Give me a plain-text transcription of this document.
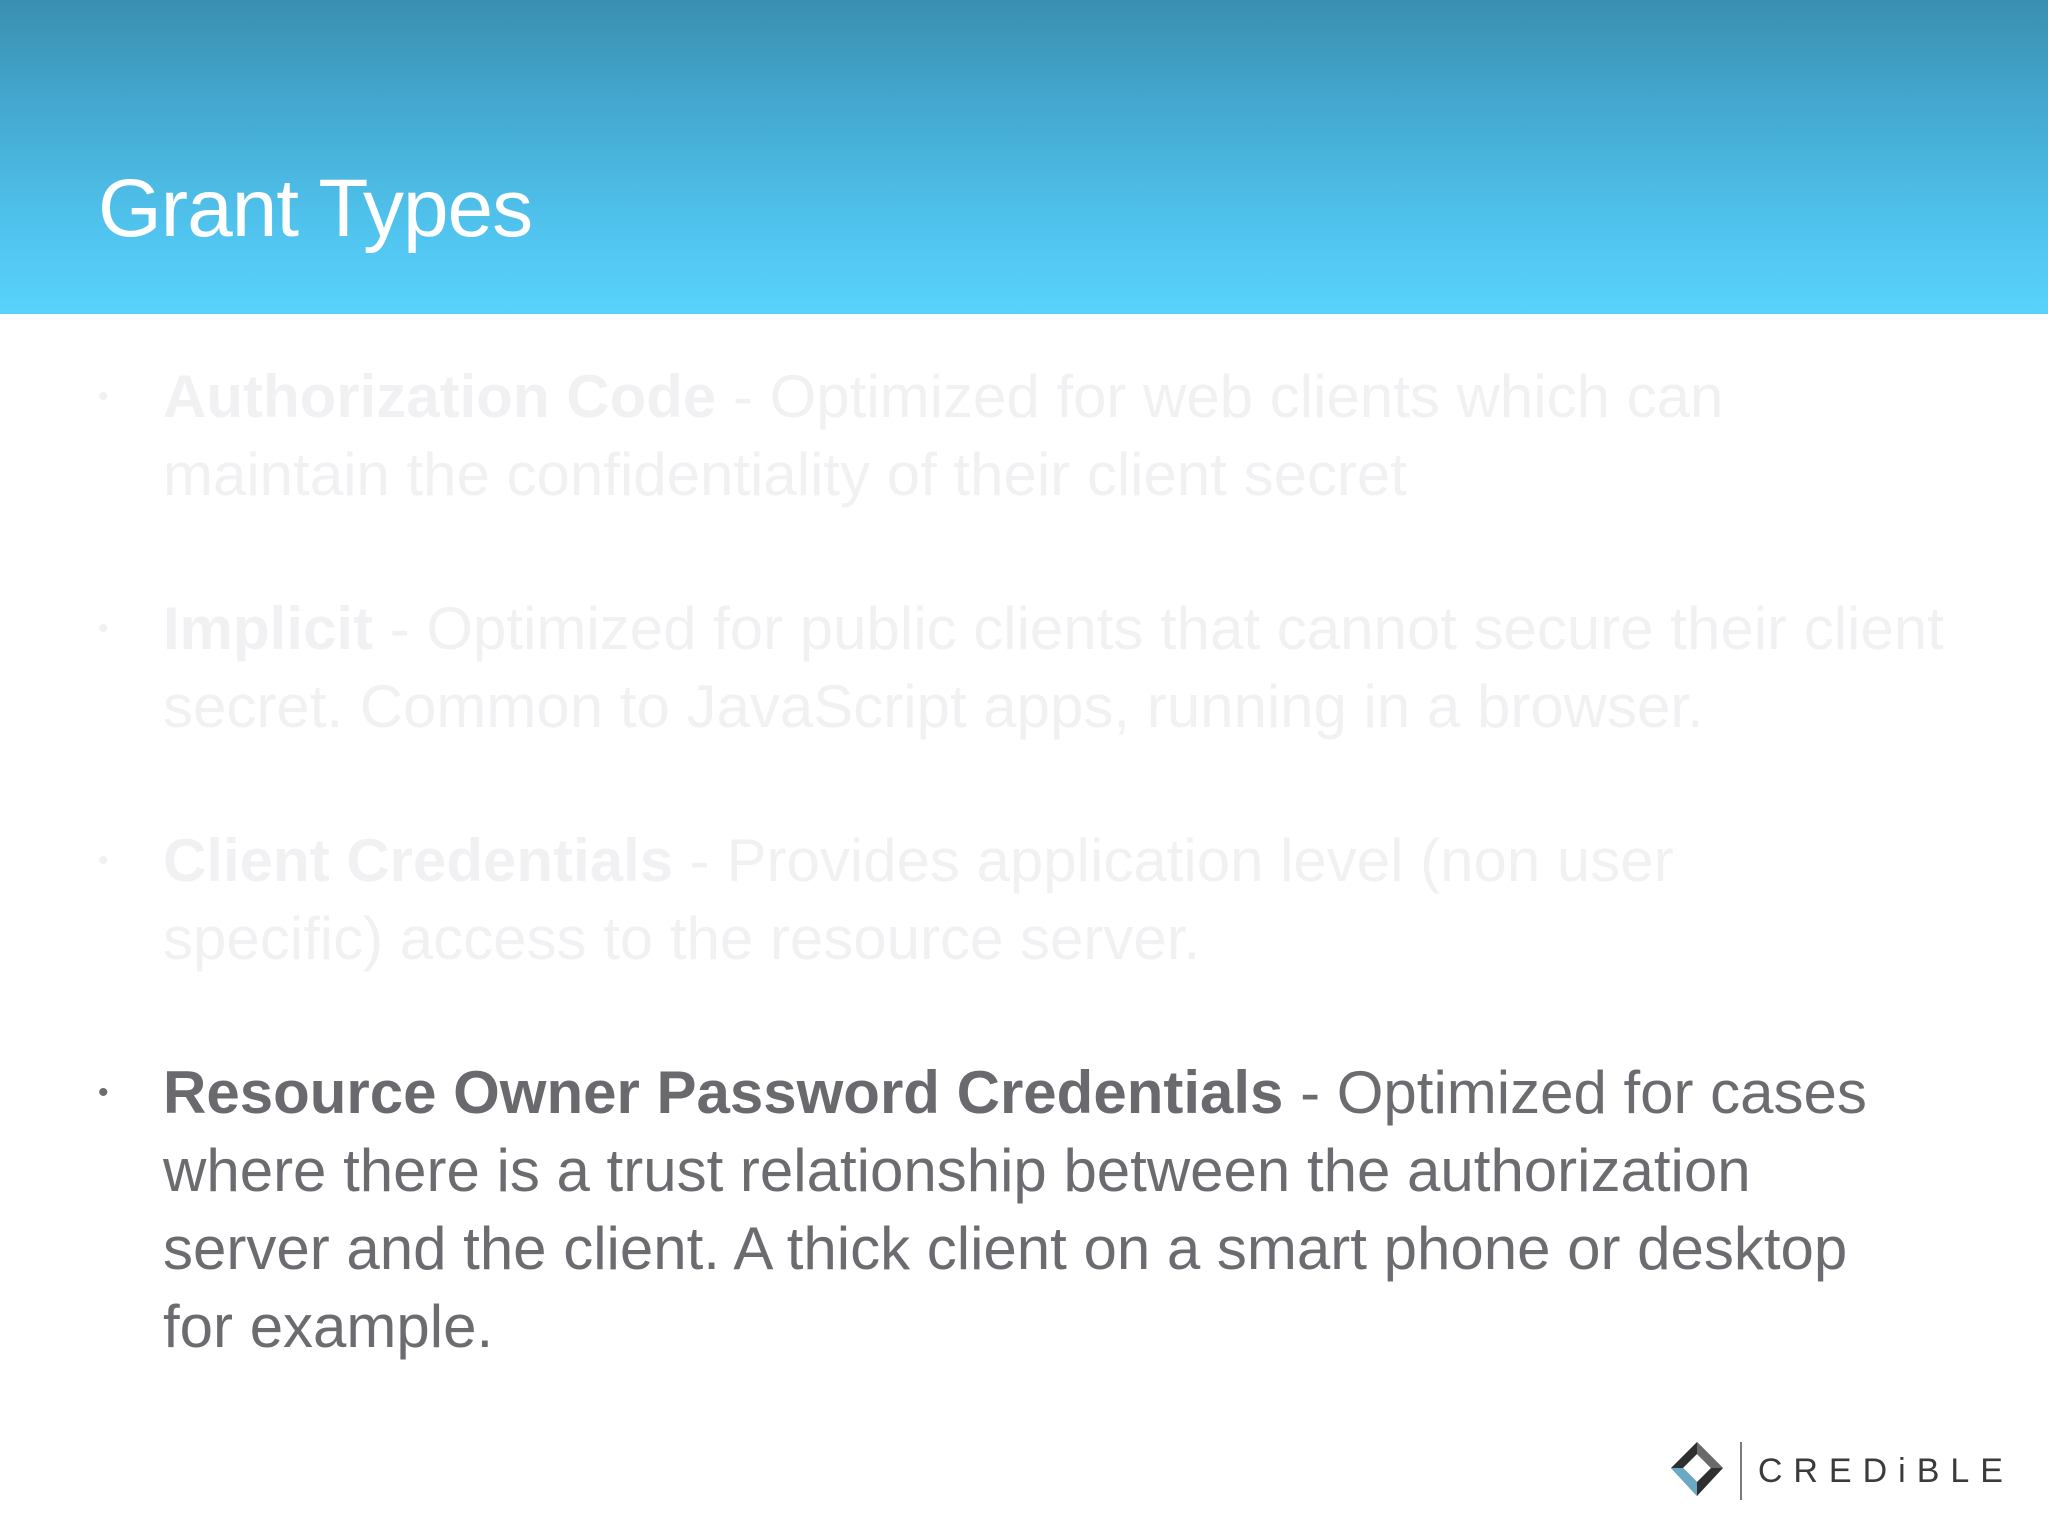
Grant Types
• Authorization Code - Optimized for web clients which can maintain the confidentiality of their client secret
• Implicit - Optimized for public clients that cannot secure their client secret. Common to JavaScript apps, running in a browser.
• Client Credentials - Provides application level (non user specific) access to the resource server.
• Resource Owner Password Credentials - Optimized for cases where there is a trust relationship between the authorization server and the client. A thick client on a smart phone or desktop for example.
CREDiBLE
